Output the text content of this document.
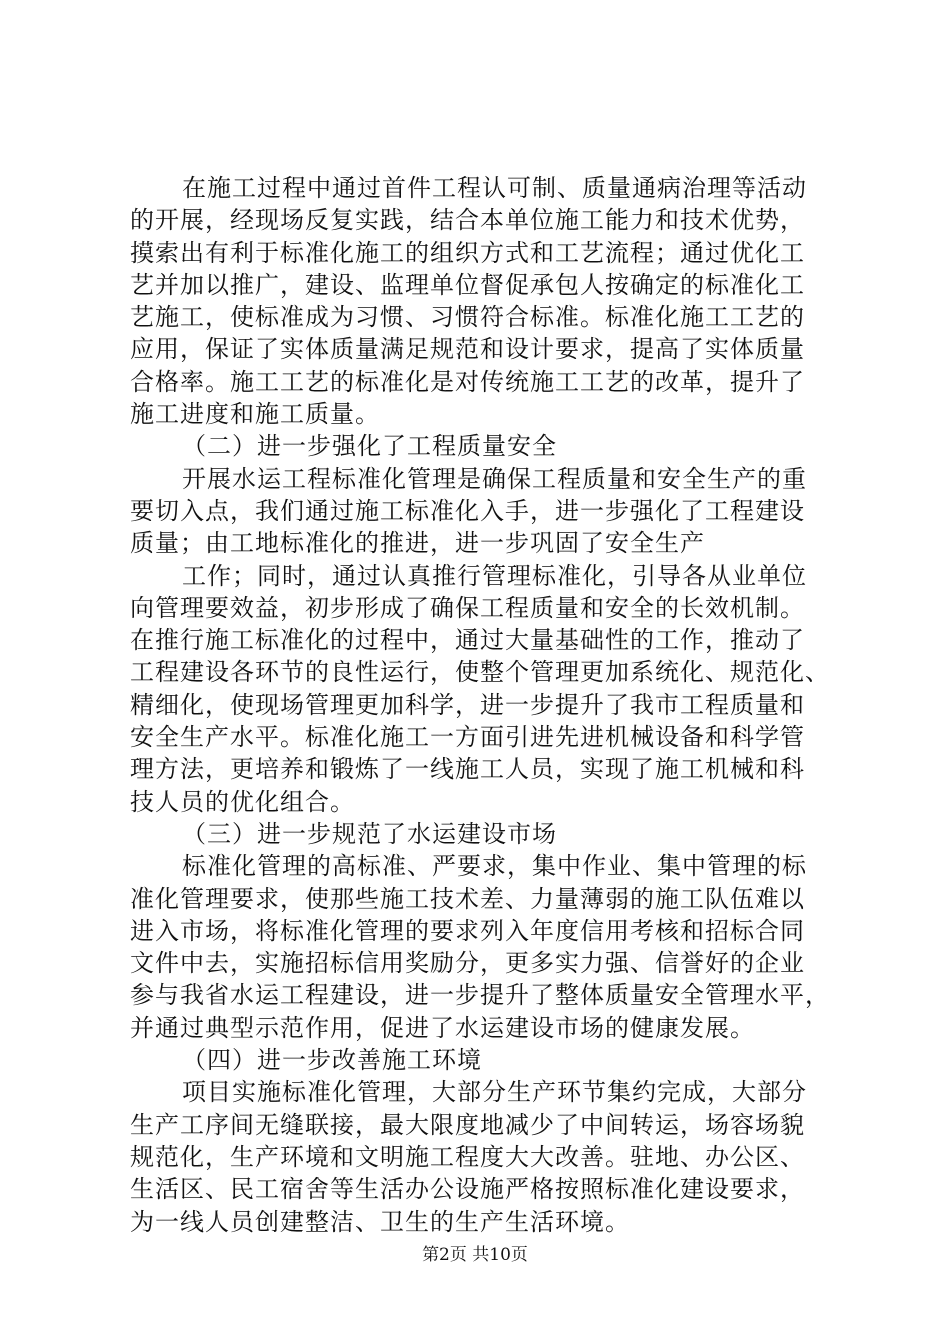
在施工过程中通过首件工程认可制、质量通病治理等活动
的开展，经现场反复实践，结合本单位施工能力和技术优势，
摸索出有利于标准化施工的组织方式和工艺流程；通过优化工
艺并加以推广，建设、监理单位督促承包人按确定的标准化工
艺施工，使标准成为习惯、习惯符合标准。标准化施工工艺的
应用，保证了实体质量满足规范和设计要求，提高了实体质量
合格率。施工工艺的标准化是对传统施工工艺的改革，提升了
施工进度和施工质量。
（二）进一步强化了工程质量安全
开展水运工程标准化管理是确保工程质量和安全生产的重
要切入点，我们通过施工标准化入手，进一步强化了工程建设
质量；由工地标准化的推进，进一步巩固了安全生产
工作；同时，通过认真推行管理标准化，引导各从业单位
向管理要效益，初步形成了确保工程质量和安全的长效机制。
在推行施工标准化的过程中，通过大量基础性的工作，推动了
工程建设各环节的良性运行，使整个管理更加系统化、规范化、
精细化，使现场管理更加科学，进一步提升了我市工程质量和
安全生产水平。标准化施工一方面引进先进机械设备和科学管
理方法，更培养和锻炼了一线施工人员，实现了施工机械和科
技人员的优化组合。
（三）进一步规范了水运建设市场
标准化管理的高标准、严要求，集中作业、集中管理的标
准化管理要求，使那些施工技术差、力量薄弱的施工队伍难以
进入市场，将标准化管理的要求列入年度信用考核和招标合同
文件中去，实施招标信用奖励分，更多实力强、信誉好的企业
参与我省水运工程建设，进一步提升了整体质量安全管理水平，
并通过典型示范作用，促进了水运建设市场的健康发展。
（四）进一步改善施工环境
项目实施标准化管理，大部分生产环节集约完成，大部分
生产工序间无缝联接，最大限度地减少了中间转运，场容场貌
规范化，生产环境和文明施工程度大大改善。驻地、办公区、
生活区、民工宿舍等生活办公设施严格按照标准化建设要求，
为一线人员创建整洁、卫生的生产生活环境。
第2页 共10页
